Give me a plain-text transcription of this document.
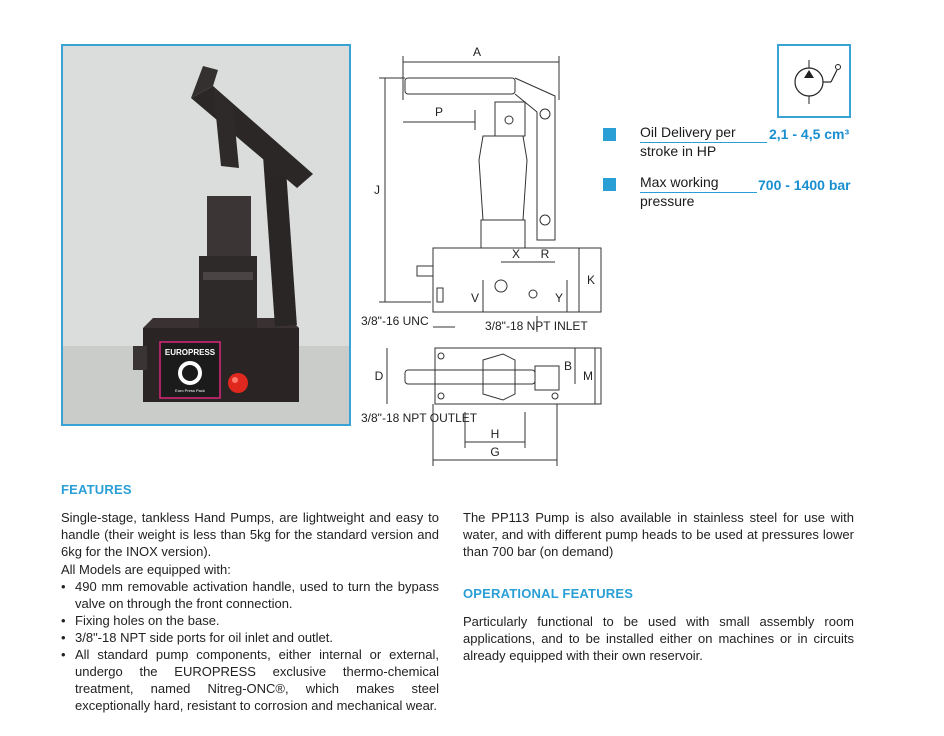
EUROPRESS
Euro Press Pack
A
P
J
X R
K
V	Y
D
B
M
H
G
3/8"-16 UNC	3/8"-18 NPT INLET
3/8"-18 NPT OUTLET
Oil Delivery per
stroke in HP
2,1 - 4,5 cm³
Max working
pressure
700 - 1400 bar
FEATURES
Single-stage, tankless Hand Pumps, are lightweight and easy to handle (their weight is less than 5kg for the standard version and 6kg for the INOX version).
All Models are equipped with:
• 490 mm removable activation handle, used to turn the bypass valve on through the front connection.
• Fixing holes on the base.
• 3/8"-18 NPT side ports for oil inlet and outlet.
• All standard pump components, either internal or external, undergo the EUROPRESS exclusive thermo-chemical treatment, named Nitreg-ONC®, which makes steel exceptionally hard, resistant to corrosion and mechanical wear.
The PP113 Pump is also available in stainless steel for use with water, and with different pump heads to be used at pressures lower than 700 bar (on demand)
OPERATIONAL FEATURES
Particularly functional to be used with small assembly room applications, and to be installed either on machines or in circuits already equipped with their own reservoir.
